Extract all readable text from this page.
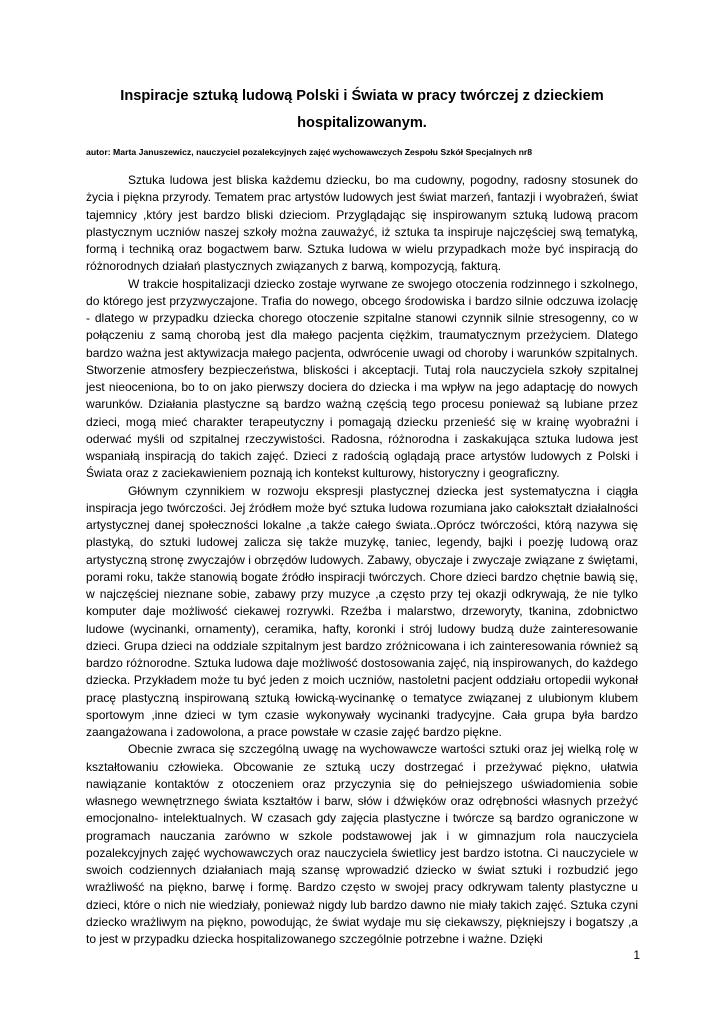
Inspiracje sztuką ludową Polski i Świata w pracy twórczej z dzieckiem hospitalizowanym.

autor: Marta Januszewicz, nauczyciel pozalekcyjnych zajęć wychowawczych Zespołu Szkół Specjalnych nr8

Sztuka ludowa jest bliska każdemu dziecku, bo ma cudowny, pogodny, radosny stosunek do życia i piękna przyrody. Tematem prac artystów ludowych jest świat marzeń, fantazji i wyobrażeń, świat tajemnicy ,który jest bardzo bliski dzieciom. Przyglądając się inspirowanym sztuką ludową pracom plastycznym uczniów naszej szkoły można zauważyć, iż sztuka ta inspiruje najczęściej swą tematyką, formą i techniką oraz bogactwem barw. Sztuka ludowa w wielu przypadkach może być inspiracją do różnorodnych działań plastycznych związanych z barwą, kompozycją, fakturą.

W trakcie hospitalizacji dziecko zostaje wyrwane ze swojego otoczenia rodzinnego i szkolnego, do którego jest przyzwyczajone. Trafia do nowego, obcego środowiska i bardzo silnie odczuwa izolację - dlatego w przypadku dziecka chorego otoczenie szpitalne stanowi czynnik silnie stresogenny, co w połączeniu z samą chorobą jest dla małego pacjenta ciężkim, traumatycznym przeżyciem. Dlatego bardzo ważna jest aktywizacja małego pacjenta, odwrócenie uwagi od choroby i warunków szpitalnych. Stworzenie atmosfery bezpieczeństwa, bliskości i akceptacji. Tutaj rola nauczyciela szkoły szpitalnej jest nieoceniona, bo to on jako pierwszy dociera do dziecka i ma wpływ na jego adaptację do nowych warunków. Działania plastyczne są bardzo ważną częścią tego procesu ponieważ są lubiane przez dzieci, mogą mieć charakter terapeutyczny i pomagają dziecku przenieść się w krainę wyobraźni i oderwać myśli od szpitalnej rzeczywistości. Radosna, różnorodna i zaskakująca sztuka ludowa jest wspaniałą inspiracją do takich zajęć. Dzieci z radością oglądają prace artystów ludowych z Polski i Świata oraz z zaciekawieniem poznają ich kontekst kulturowy, historyczny i geograficzny.

Głównym czynnikiem w rozwoju ekspresji plastycznej dziecka jest systematyczna i ciągła inspiracja jego twórczości. Jej źródłem może być sztuka ludowa rozumiana jako całokształt działalności artystycznej danej społeczności lokalne ,a także całego świata..Oprócz twórczości, którą nazywa się plastyką, do sztuki ludowej zalicza się także muzykę, taniec, legendy, bajki i poezję ludową oraz artystyczną stronę zwyczajów i obrzędów ludowych. Zabawy, obyczaje i zwyczaje związane z świętami, porami roku, także stanowią bogate źródło inspiracji twórczych. Chore dzieci bardzo chętnie bawią się, w najczęściej nieznane sobie, zabawy przy muzyce ,a często przy tej okazji odkrywają, że nie tylko komputer daje możliwość ciekawej rozrywki. Rzeźba i malarstwo, drzeworyty, tkanina, zdobnictwo ludowe (wycinanki, ornamenty), ceramika, hafty, koronki i strój ludowy budzą duże zainteresowanie dzieci. Grupa dzieci na oddziale szpitalnym jest bardzo zróżnicowana i ich zainteresowania również są bardzo różnorodne. Sztuka ludowa daje możliwość dostosowania zajęć, nią inspirowanych, do każdego dziecka. Przykładem może tu być jeden z moich uczniów, nastoletni pacjent oddziału ortopedii wykonał pracę plastyczną inspirowaną sztuką łowicką-wycinankę o tematyce związanej z ulubionym klubem sportowym ,inne dzieci w tym czasie wykonywały wycinanki tradycyjne. Cała grupa była bardzo zaangażowana i zadowolona, a prace powstałe w czasie zajęć bardzo piękne.

Obecnie zwraca się szczególną uwagę na wychowawcze wartości sztuki oraz jej wielką rolę w kształtowaniu człowieka. Obcowanie ze sztuką uczy dostrzegać i przeżywać piękno, ułatwia nawiązanie kontaktów z otoczeniem oraz przyczynia się do pełniejszego uświadomienia sobie własnego wewnętrznego świata kształtów i barw, słów i dźwięków oraz odrębności własnych przeżyć emocjonalno- intelektualnych. W czasach gdy zajęcia plastyczne i twórcze są bardzo ograniczone w programach nauczania zarówno w szkole podstawowej jak i w gimnazjum rola nauczyciela pozalekcyjnych zajęć wychowawczych oraz nauczyciela świetlicy jest bardzo istotna. Ci nauczyciele w swoich codziennych działaniach mają szansę wprowadzić dziecko w świat sztuki i rozbudzić jego wrażliwość na piękno, barwę i formę. Bardzo często w swojej pracy odkrywam talenty plastyczne u dzieci, które o nich nie wiedziały, ponieważ nigdy lub bardzo dawno nie miały takich zajęć. Sztuka czyni dziecko wrażliwym na piękno, powodując, że świat wydaje mu się ciekawszy, piękniejszy i bogatszy ,a to jest w przypadku dziecka hospitalizowanego szczególnie potrzebne i ważne. Dzięki

1
